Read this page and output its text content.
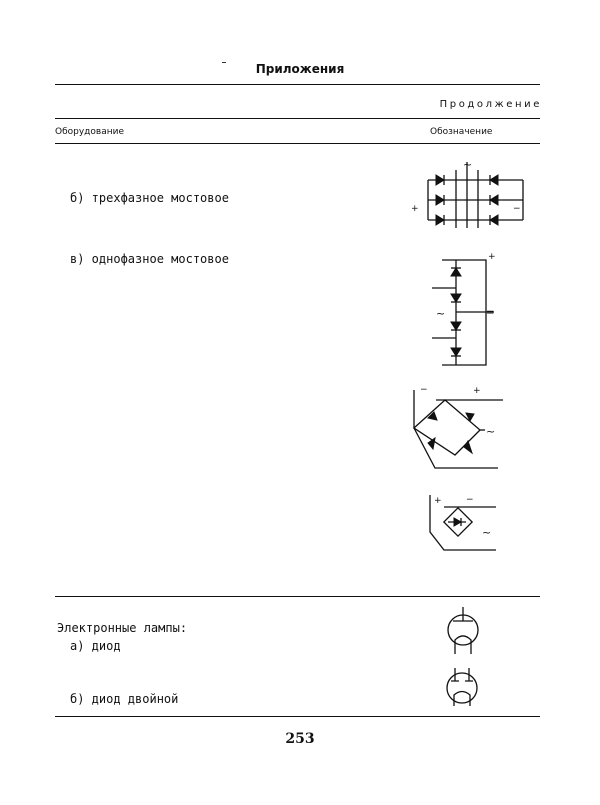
Приложения
Продолжение
Оборудование	Обозначение
б) трехфазное мостовое
в) однофазное мостовое
~
+	−
+
=
~
−	+
~
+	−
~
Электронные лампы:
а) диод
б) диод двойной
253
